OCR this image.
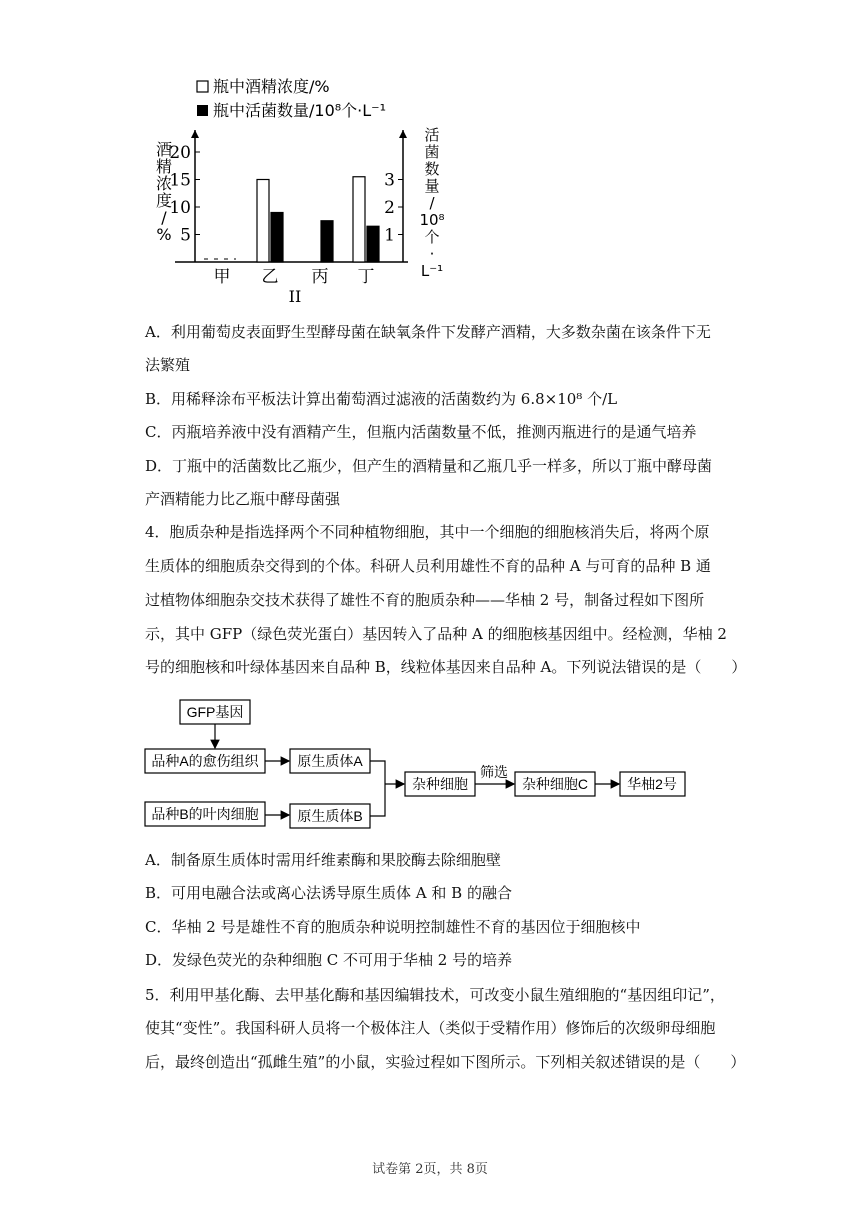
瓶中酒精浓度/%
瓶中活菌数量/10⁸个·L⁻¹
5
10
15
20
1
2
3
酒
精
浓
度
/
%
活
菌
数
量
/
10⁸
个
·
L⁻¹
甲 乙 丙 丁
II
A．利用葡萄皮表面野生型酵母菌在缺氧条件下发酵产酒精，大多数杂菌在该条件下无
法繁殖
B．用稀释涂布平板法计算出葡萄酒过滤液的活菌数约为 6.8×10⁸ 个/L
C．丙瓶培养液中没有酒精产生，但瓶内活菌数量不低，推测丙瓶进行的是通气培养
D．丁瓶中的活菌数比乙瓶少，但产生的酒精量和乙瓶几乎一样多，所以丁瓶中酵母菌
产酒精能力比乙瓶中酵母菌强
4．胞质杂种是指选择两个不同种植物细胞，其中一个细胞的细胞核消失后，将两个原
生质体的细胞质杂交得到的个体。科研人员利用雄性不育的品种 A 与可育的品种 B 通
过植物体细胞杂交技术获得了雄性不育的胞质杂种——华柚 2 号，制备过程如下图所
示，其中 GFP（绿色荧光蛋白）基因转入了品种 A 的细胞核基因组中。经检测，华柚 2
号的细胞核和叶绿体基因来自品种 B，线粒体基因来自品种 A。下列说法错误的是（　　）
GFP基因
品种A的愈伤组织
品种B的叶肉细胞
原生质体A
原生质体B
杂种细胞
筛选
杂种细胞C	华柚2号
A．制备原生质体时需用纤维素酶和果胶酶去除细胞壁
B．可用电融合法或离心法诱导原生质体 A 和 B 的融合
C．华柚 2 号是雄性不育的胞质杂种说明控制雄性不育的基因位于细胞核中
D．发绿色荧光的杂种细胞 C 不可用于华柚 2 号的培养
5．利用甲基化酶、去甲基化酶和基因编辑技术，可改变小鼠生殖细胞的“基因组印记”，
使其“变性”。我国科研人员将一个极体注人（类似于受精作用）修饰后的次级卵母细胞
后，最终创造出“孤雌生殖”的小鼠，实验过程如下图所示。下列相关叙述错误的是（　　）
试卷第 2页，共 8页
